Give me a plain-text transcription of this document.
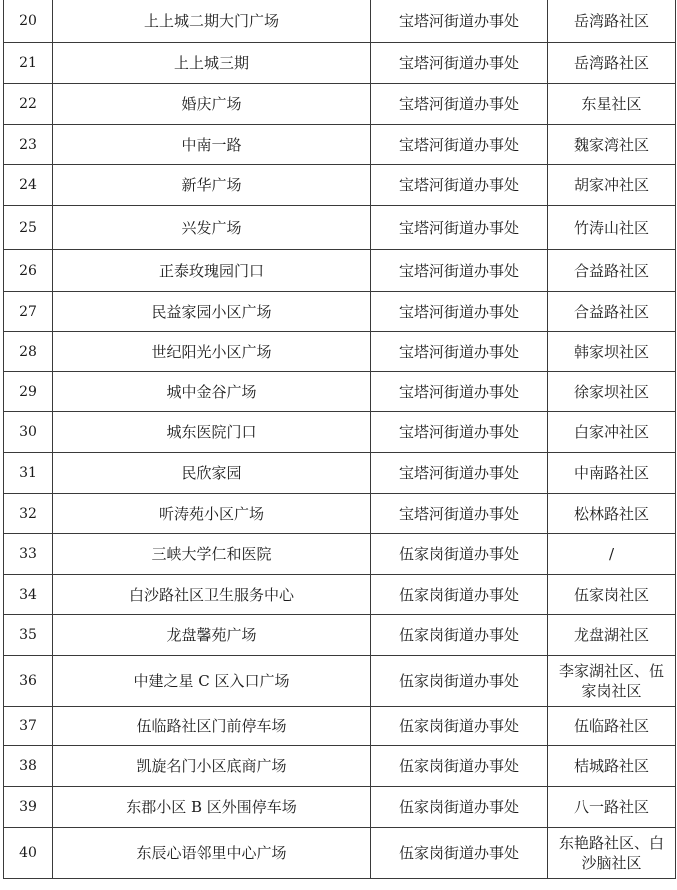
20	上上城二期大门广场	宝塔河街道办事处	岳湾路社区
21	上上城三期	宝塔河街道办事处	岳湾路社区
22	婚庆广场	宝塔河街道办事处	东星社区
23	中南一路	宝塔河街道办事处	魏家湾社区
24	新华广场	宝塔河街道办事处	胡家冲社区
25	兴发广场	宝塔河街道办事处	竹涛山社区
26	正泰玫瑰园门口	宝塔河街道办事处	合益路社区
27	民益家园小区广场	宝塔河街道办事处	合益路社区
28	世纪阳光小区广场	宝塔河街道办事处	韩家坝社区
29	城中金谷广场	宝塔河街道办事处	徐家坝社区
30	城东医院门口	宝塔河街道办事处	白家冲社区
31	民欣家园	宝塔河街道办事处	中南路社区
32	听涛苑小区广场	宝塔河街道办事处	松林路社区
33	三峡大学仁和医院	伍家岗街道办事处	/
34	白沙路社区卫生服务中心	伍家岗街道办事处	伍家岗社区
35	龙盘馨苑广场	伍家岗街道办事处	龙盘湖社区
36	中建之星 C 区入口广场	伍家岗街道办事处	李家湖社区、伍家岗社区
37	伍临路社区门前停车场	伍家岗街道办事处	伍临路社区
38	凯旋名门小区底商广场	伍家岗街道办事处	桔城路社区
39	东郡小区 B 区外围停车场	伍家岗街道办事处	八一路社区
40	东辰心语邻里中心广场	伍家岗街道办事处	东艳路社区、白沙脑社区
